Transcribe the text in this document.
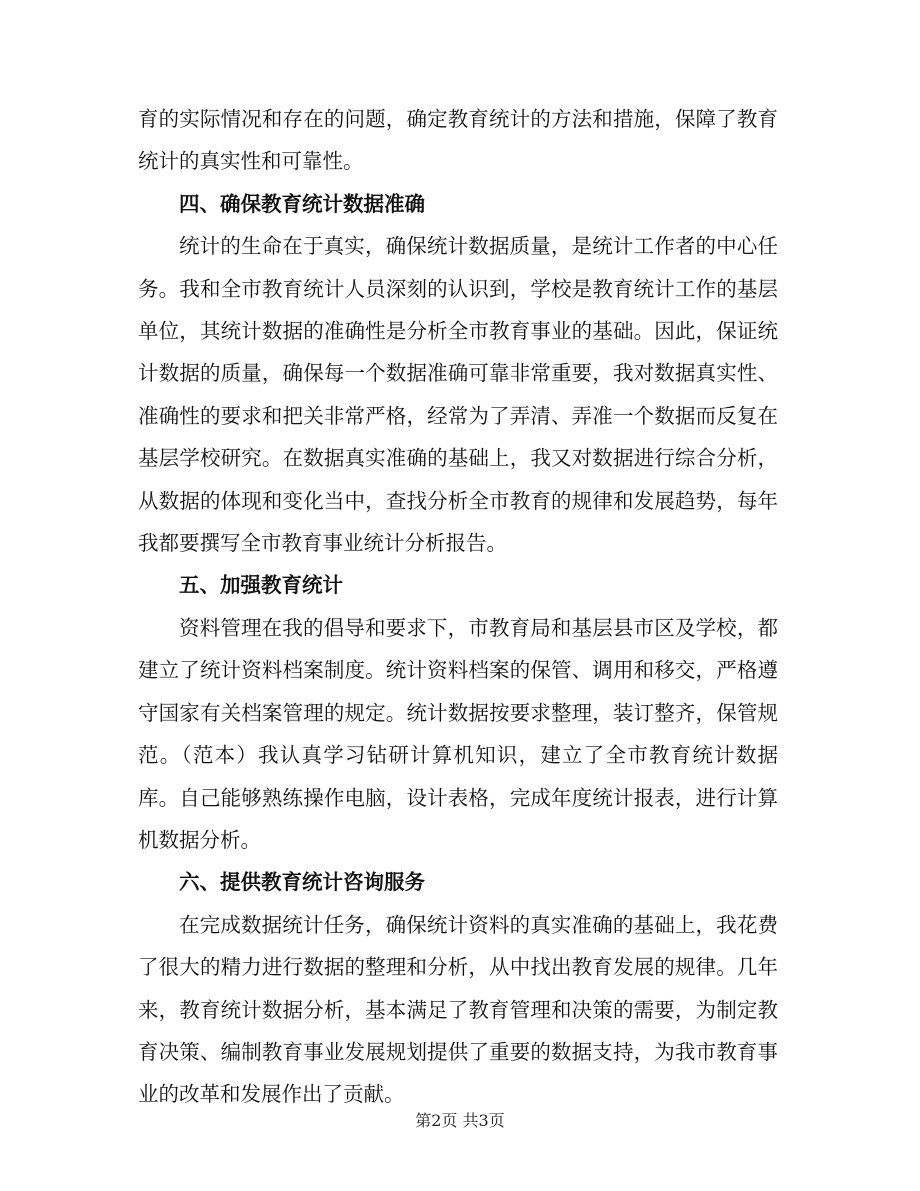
育的实际情况和存在的问题，确定教育统计的方法和措施，保障了教育统计的真实性和可靠性。

四、确保教育统计数据准确

统计的生命在于真实，确保统计数据质量，是统计工作者的中心任务。我和全市教育统计人员深刻的认识到，学校是教育统计工作的基层单位，其统计数据的准确性是分析全市教育事业的基础。因此，保证统计数据的质量，确保每一个数据准确可靠非常重要，我对数据真实性、准确性的要求和把关非常严格，经常为了弄清、弄准一个数据而反复在基层学校研究。在数据真实准确的基础上，我又对数据进行综合分析，从数据的体现和变化当中，查找分析全市教育的规律和发展趋势，每年我都要撰写全市教育事业统计分析报告。

五、加强教育统计

资料管理在我的倡导和要求下，市教育局和基层县市区及学校，都建立了统计资料档案制度。统计资料档案的保管、调用和移交，严格遵守国家有关档案管理的规定。统计数据按要求整理，装订整齐，保管规范。（范本）我认真学习钻研计算机知识，建立了全市教育统计数据库。自己能够熟练操作电脑，设计表格，完成年度统计报表，进行计算机数据分析。

六、提供教育统计咨询服务

在完成数据统计任务，确保统计资料的真实准确的基础上，我花费了很大的精力进行数据的整理和分析，从中找出教育发展的规律。几年来，教育统计数据分析，基本满足了教育管理和决策的需要，为制定教育决策、编制教育事业发展规划提供了重要的数据支持，为我市教育事业的改革和发展作出了贡献。

第2页 共3页
